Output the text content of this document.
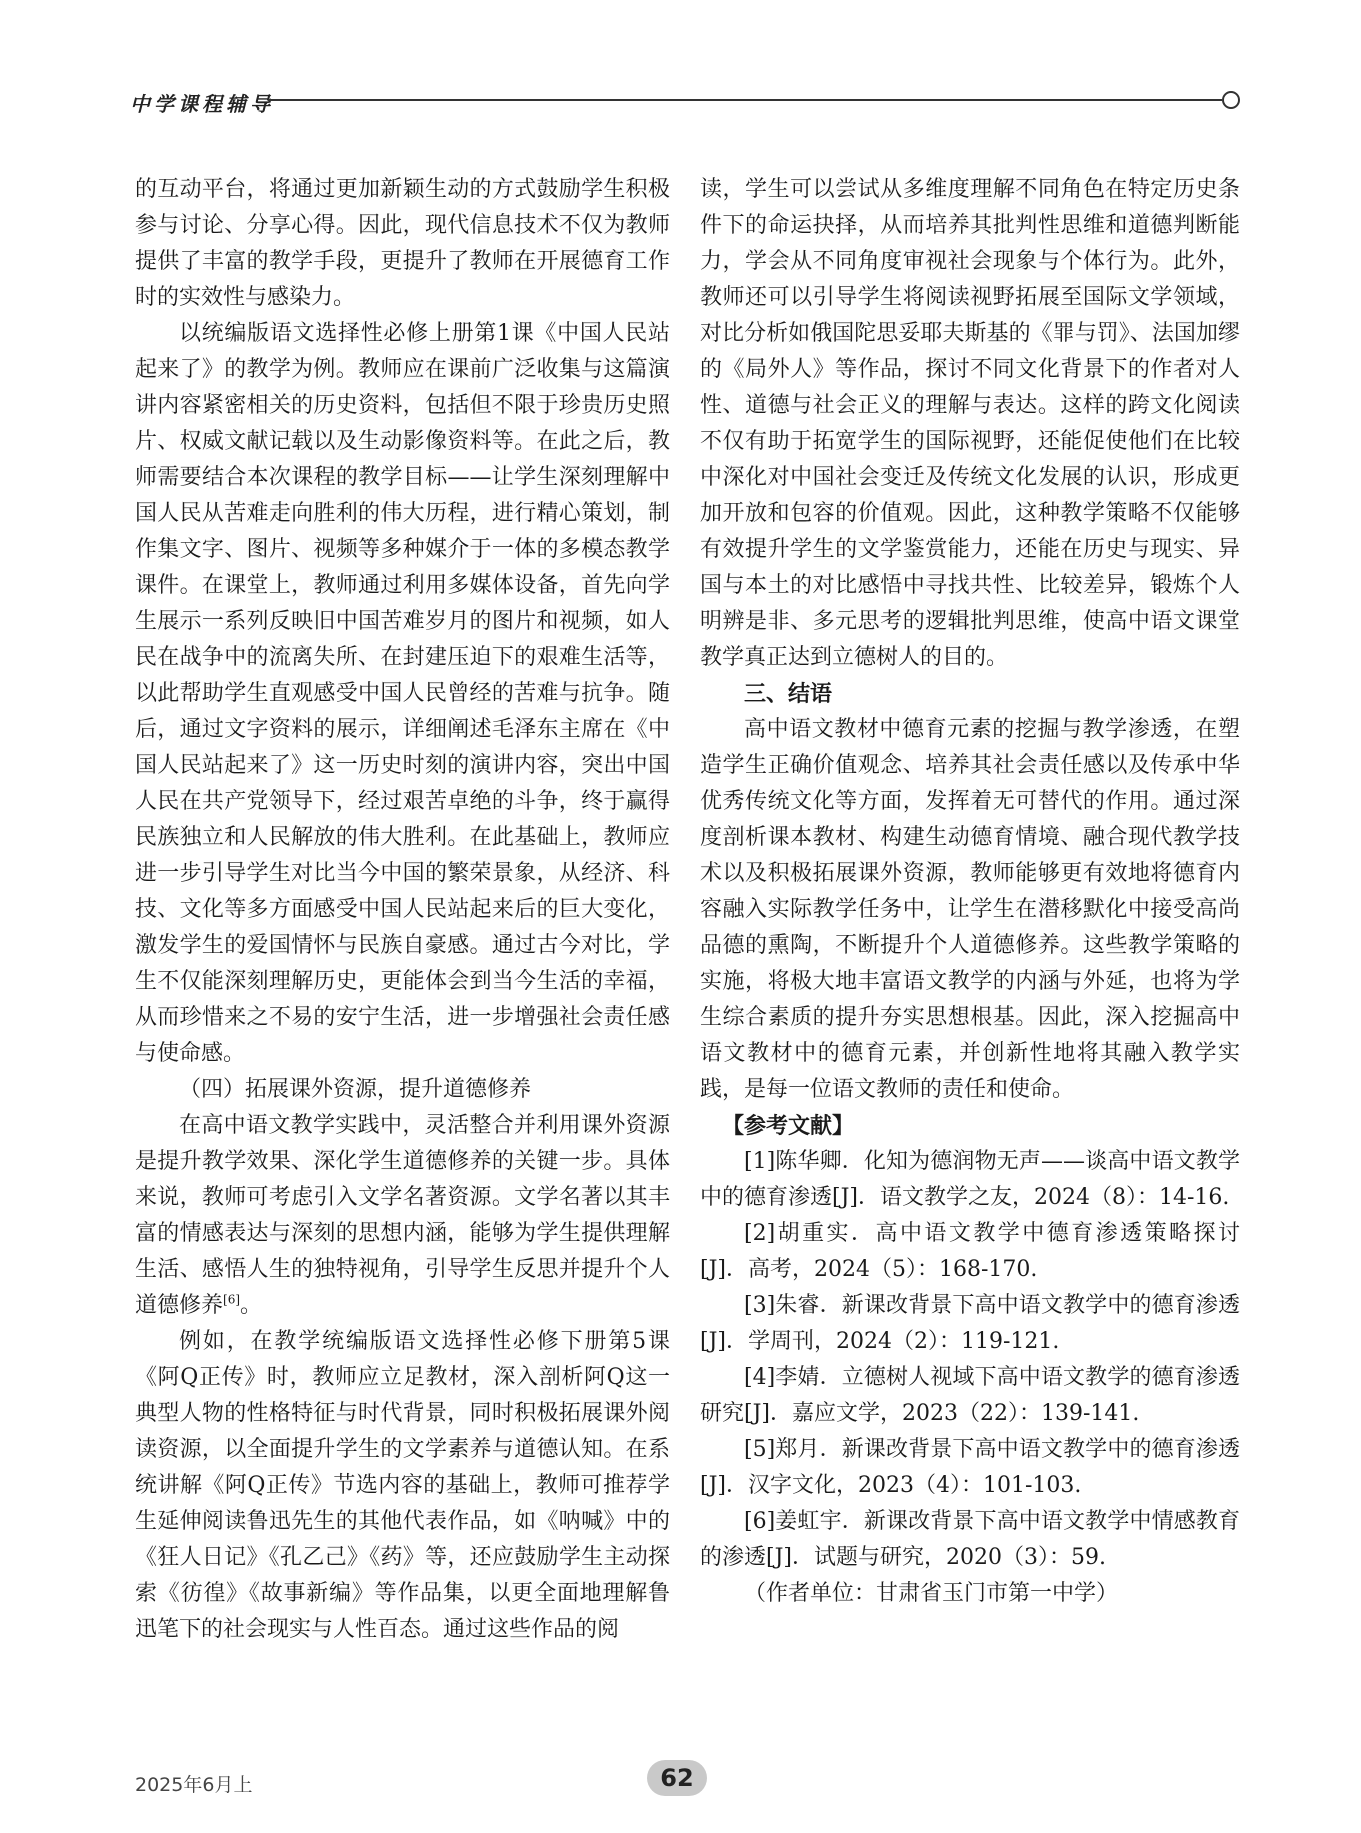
中学课程辅导

的互动平台，将通过更加新颖生动的方式鼓励学生积极参与讨论、分享心得。因此，现代信息技术不仅为教师提供了丰富的教学手段，更提升了教师在开展德育工作时的实效性与感染力。

以统编版语文选择性必修上册第1课《中国人民站起来了》的教学为例。教师应在课前广泛收集与这篇演讲内容紧密相关的历史资料，包括但不限于珍贵历史照片、权威文献记载以及生动影像资料等。在此之后，教师需要结合本次课程的教学目标——让学生深刻理解中国人民从苦难走向胜利的伟大历程，进行精心策划，制作集文字、图片、视频等多种媒介于一体的多模态教学课件。在课堂上，教师通过利用多媒体设备，首先向学生展示一系列反映旧中国苦难岁月的图片和视频，如人民在战争中的流离失所、在封建压迫下的艰难生活等，以此帮助学生直观感受中国人民曾经的苦难与抗争。随后，通过文字资料的展示，详细阐述毛泽东主席在《中国人民站起来了》这一历史时刻的演讲内容，突出中国人民在共产党领导下，经过艰苦卓绝的斗争，终于赢得民族独立和人民解放的伟大胜利。在此基础上，教师应进一步引导学生对比当今中国的繁荣景象，从经济、科技、文化等多方面感受中国人民站起来后的巨大变化，激发学生的爱国情怀与民族自豪感。通过古今对比，学生不仅能深刻理解历史，更能体会到当今生活的幸福，从而珍惜来之不易的安宁生活，进一步增强社会责任感与使命感。

（四）拓展课外资源，提升道德修养

在高中语文教学实践中，灵活整合并利用课外资源是提升教学效果、深化学生道德修养的关键一步。具体来说，教师可考虑引入文学名著资源。文学名著以其丰富的情感表达与深刻的思想内涵，能够为学生提供理解生活、感悟人生的独特视角，引导学生反思并提升个人道德修养[6]。

例如，在教学统编版语文选择性必修下册第5课《阿Q正传》时，教师应立足教材，深入剖析阿Q这一典型人物的性格特征与时代背景，同时积极拓展课外阅读资源，以全面提升学生的文学素养与道德认知。在系统讲解《阿Q正传》节选内容的基础上，教师可推荐学生延伸阅读鲁迅先生的其他代表作品，如《呐喊》中的《狂人日记》《孔乙己》《药》等，还应鼓励学生主动探索《彷徨》《故事新编》等作品集，以更全面地理解鲁迅笔下的社会现实与人性百态。通过这些作品的阅

读，学生可以尝试从多维度理解不同角色在特定历史条件下的命运抉择，从而培养其批判性思维和道德判断能力，学会从不同角度审视社会现象与个体行为。此外，教师还可以引导学生将阅读视野拓展至国际文学领域，对比分析如俄国陀思妥耶夫斯基的《罪与罚》、法国加缪的《局外人》等作品，探讨不同文化背景下的作者对人性、道德与社会正义的理解与表达。这样的跨文化阅读不仅有助于拓宽学生的国际视野，还能促使他们在比较中深化对中国社会变迁及传统文化发展的认识，形成更加开放和包容的价值观。因此，这种教学策略不仅能够有效提升学生的文学鉴赏能力，还能在历史与现实、异国与本土的对比感悟中寻找共性、比较差异，锻炼个人明辨是非、多元思考的逻辑批判思维，使高中语文课堂教学真正达到立德树人的目的。

三、结语

高中语文教材中德育元素的挖掘与教学渗透，在塑造学生正确价值观念、培养其社会责任感以及传承中华优秀传统文化等方面，发挥着无可替代的作用。通过深度剖析课本教材、构建生动德育情境、融合现代教学技术以及积极拓展课外资源，教师能够更有效地将德育内容融入实际教学任务中，让学生在潜移默化中接受高尚品德的熏陶，不断提升个人道德修养。这些教学策略的实施，将极大地丰富语文教学的内涵与外延，也将为学生综合素质的提升夯实思想根基。因此，深入挖掘高中语文教材中的德育元素，并创新性地将其融入教学实践，是每一位语文教师的责任和使命。

【参考文献】

[1]陈华卿．化知为德润物无声——谈高中语文教学中的德育渗透[J]．语文教学之友，2024（8）：14-16.

[2]胡重实．高中语文教学中德育渗透策略探讨[J]．高考，2024（5）：168-170.

[3]朱睿．新课改背景下高中语文教学中的德育渗透[J]．学周刊，2024（2）：119-121.

[4]李婧．立德树人视域下高中语文教学的德育渗透研究[J]．嘉应文学，2023（22）：139-141.

[5]郑月．新课改背景下高中语文教学中的德育渗透[J]．汉字文化，2023（4）：101-103.

[6]姜虹宇．新课改背景下高中语文教学中情感教育的渗透[J]．试题与研究，2020（3）：59.

（作者单位：甘肃省玉门市第一中学）

2025年6月上	62
